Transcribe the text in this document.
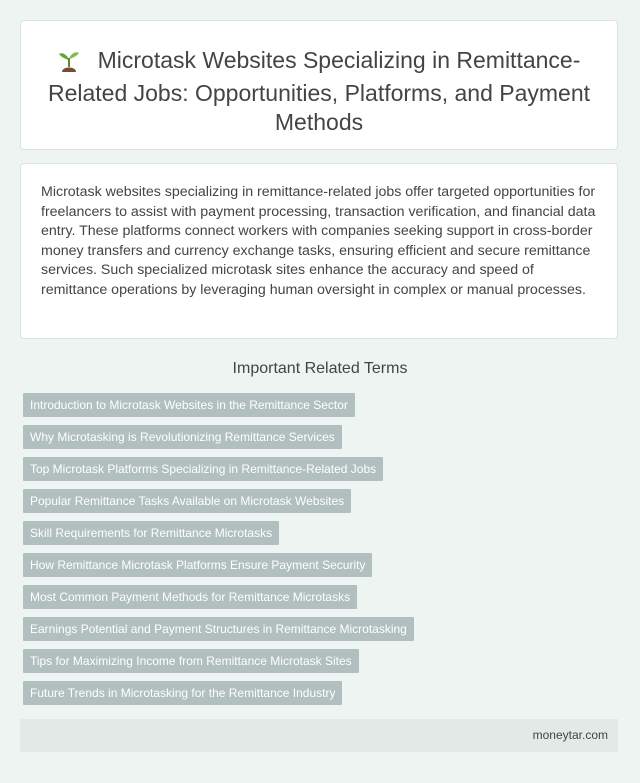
Microtask Websites Specializing in Remittance-Related Jobs: Opportunities, Platforms, and Payment Methods
Microtask websites specializing in remittance-related jobs offer targeted opportunities for freelancers to assist with payment processing, transaction verification, and financial data entry. These platforms connect workers with companies seeking support in cross-border money transfers and currency exchange tasks, ensuring efficient and secure remittance services. Such specialized microtask sites enhance the accuracy and speed of remittance operations by leveraging human oversight in complex or manual processes.
Important Related Terms
Introduction to Microtask Websites in the Remittance Sector
Why Microtasking is Revolutionizing Remittance Services
Top Microtask Platforms Specializing in Remittance-Related Jobs
Popular Remittance Tasks Available on Microtask Websites
Skill Requirements for Remittance Microtasks
How Remittance Microtask Platforms Ensure Payment Security
Most Common Payment Methods for Remittance Microtasks
Earnings Potential and Payment Structures in Remittance Microtasking
Tips for Maximizing Income from Remittance Microtask Sites
Future Trends in Microtasking for the Remittance Industry
moneytar.com
